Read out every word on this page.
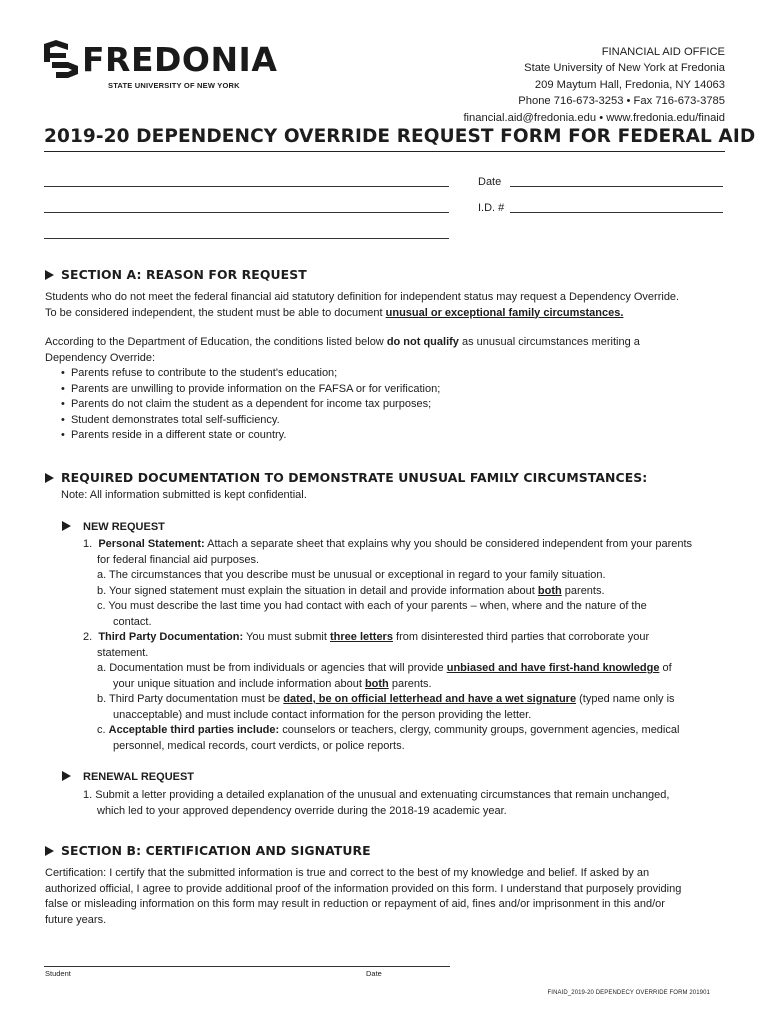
FREDONIA
STATE UNIVERSITY OF NEW YORK
FINANCIAL AID OFFICE
State University of New York at Fredonia
209 Maytum Hall, Fredonia, NY 14063
Phone 716-673-3253 • Fax 716-673-3785
financial.aid@fredonia.edu • www.fredonia.edu/finaid
2019-20 DEPENDENCY OVERRIDE REQUEST FORM FOR FEDERAL AID
Date
I.D. #
SECTION A: REASON FOR REQUEST
Students who do not meet the federal financial aid statutory definition for independent status may request a Dependency Override.
To be considered independent, the student must be able to document unusual or exceptional family circumstances.
According to the Department of Education, the conditions listed below do not qualify as unusual circumstances meriting a
Dependency Override:
•  Parents refuse to contribute to the student's education;
•  Parents are unwilling to provide information on the FAFSA or for verification;
•  Parents do not claim the student as a dependent for income tax purposes;
•  Student demonstrates total self-sufficiency.
•  Parents reside in a different state or country.
REQUIRED DOCUMENTATION TO DEMONSTRATE UNUSUAL FAMILY CIRCUMSTANCES:
Note: All information submitted is kept confidential.
NEW REQUEST
1. Personal Statement: Attach a separate sheet that explains why you should be considered independent from your parents
for federal financial aid purposes.
a. The circumstances that you describe must be unusual or exceptional in regard to your family situation.
b. Your signed statement must explain the situation in detail and provide information about both parents.
c. You must describe the last time you had contact with each of your parents – when, where and the nature of the
contact.
2. Third Party Documentation: You must submit three letters from disinterested third parties that corroborate your
statement.
a. Documentation must be from individuals or agencies that will provide unbiased and have first-hand knowledge of
your unique situation and include information about both parents.
b. Third Party documentation must be dated, be on official letterhead and have a wet signature (typed name only is
unacceptable) and must include contact information for the person providing the letter.
c. Acceptable third parties include: counselors or teachers, clergy, community groups, government agencies, medical
personnel, medical records, court verdicts, or police reports.
RENEWAL REQUEST
1. Submit a letter providing a detailed explanation of the unusual and extenuating circumstances that remain unchanged,
which led to your approved dependency override during the 2018-19 academic year.
SECTION B: CERTIFICATION AND SIGNATURE
Certification: I certify that the submitted information is true and correct to the best of my knowledge and belief. If asked by an
authorized official, I agree to provide additional proof of the information provided on this form. I understand that purposely providing
false or misleading information on this form may result in reduction or repayment of aid, fines and/or imprisonment in this and/or
future years.
Student	Date
FINAID_2019-20 DEPENDECY OVERRIDE FORM 201901
